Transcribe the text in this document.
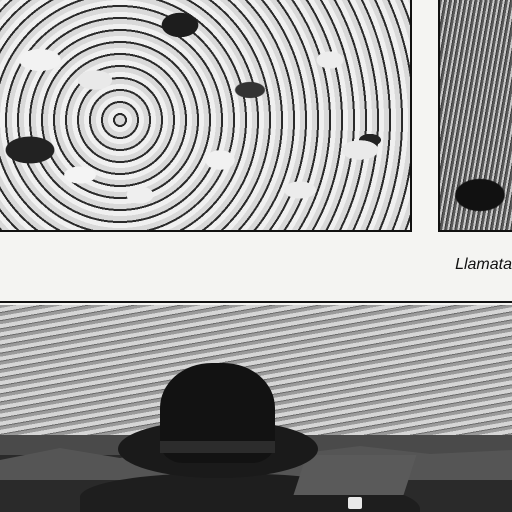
Llamata
